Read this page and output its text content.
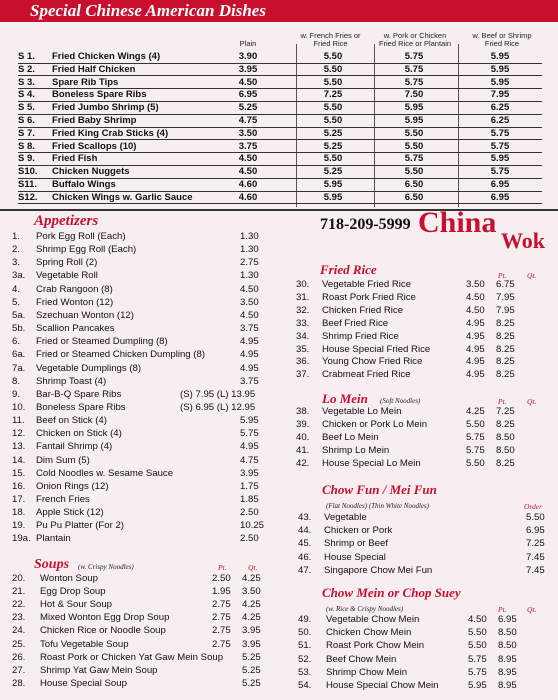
Special Chinese American Dishes
Plain
w. French Fries or Fried Rice
w. Pork or Chicken Fried Rice or Plantain
w. Beef or Shrimp Fried Rice
S 1. Fried Chicken Wings (4)	3.90	5.50	5.75	5.95
S 2. Fried Half Chicken	3.95	5.50	5.75	5.95
S 3. Spare Rib Tips	4.50	5.50	5.75	5.95
S 4. Boneless Spare Ribs	6.95	7.25	7.50	7.95
S 5. Fried Jumbo Shrimp (5)	5.25	5.50	5.95	6.25
S 6. Fried Baby Shrimp	4.75	5.50	5.95	6.25
S 7. Fried King Crab Sticks (4)	3.50	5.25	5.50	5.75
S 8. Fried Scallops (10)	3.75	5.25	5.50	5.75
S 9. Fried Fish	4.50	5.50	5.75	5.95
S10. Chicken Nuggets	4.50	5.25	5.50	5.75
S11. Buffalo Wings	4.60	5.95	6.50	6.95
S12. Chicken Wings w. Garlic Sauce	4.60	5.95	6.50	6.95
Appetizers
1. Pork Egg Roll (Each)	1.30
2. Shrimp Egg Roll (Each)	1.30
3. Spring Roll (2)	2.75
3a. Vegetable Roll	1.30
4. Crab Rangoon (8)	4.50
5. Fried Wonton (12)	3.50
5a. Szechuan Wonton (12)	4.50
5b. Scallion Pancakes	3.75
6. Fried or Steamed Dumpling (8)	4.95
6a. Fried or Steamed Chicken Dumpling (8)	4.95
7a. Vegetable Dumplings (8)	4.95
8. Shrimp Toast (4)	3.75
9. Bar-B-Q Spare Ribs	(S) 7.95 (L) 13.95
10. Boneless Spare Ribs	(S) 6.95 (L) 12.95
11. Beef on Stick (4)	5.95
12. Chicken on Stick (4)	5.75
13. Fantail Shrimp (4)	4.95
14. Dim Sum (5)	4.75
15. Cold Noodles w. Sesame Sauce	3.95
16. Onion Rings (12)	1.75
17. French Fries	1.85
18. Apple Stick (12)	2.50
19. Pu Pu Platter (For 2)	10.25
19a. Plantain	2.50
Soups (w. Crispy Noodles)	Pt.	Qt.
20. Wonton Soup	2.50 4.25
21. Egg Drop Soup	1.95 3.50
22. Hot & Sour Soup	2.75 4.25
23. Mixed Wonton Egg Drop Soup	2.75 4.25
24. Chicken Rice or Noodle Soup	2.75 3.95
25. Tofu Vegetable Soup	2.75 3.95
26. Roast Pork or Chicken Yat Gaw Mein Soup 5.25
27. Shrimp Yat Gaw Mein Soup	5.25
28. House Special Soup	5.25
718-209-5999 China
Wok
Fried Rice	Pt.	Qt.
30. Vegetable Fried Rice	3.50 6.75
31. Roast Pork Fried Rice	4.50 7.95
32. Chicken Fried Rice	4.50 7.95
33. Beef Fried Rice	4.95 8.25
34. Shrimp Fried Rice	4.95 8.25
35. House Special Fried Rice	4.95 8.25
36. Young Chow Fried Rice	4.95 8.25
37. Crabmeat Fried Rice	4.95 8.25
Lo Mein (Soft Noodles)	Pt.	Qt.
38. Vegetable Lo Mein	4.25 7.25
39. Chicken or Pork Lo Mein	5.50 8.25
40. Beef Lo Mein	5.75 8.50
41. Shrimp Lo Mein	5.75 8.50
42. House Special Lo Mein	5.50 8.25
Chow Fun / Mei Fun
(Flat Noodles) (Thin White Noodles)	Order
43. Vegetable	5.50
44. Chicken or Pork	6.95
45. Shrimp or Beef	7.25
46. House Special	7.45
47. Singapore Chow Mei Fun	7.45
Chow Mein or Chop Suey
(w. Rice & Crispy Noodles)	Pt.	Qt.
49. Vegetable Chow Mein	4.50 6.95
50. Chicken Chow Mein	5.50 8.50
51. Roast Pork Chow Mein	5.50 8.50
52. Beef Chow Mein	5.75 8.95
53. Shrimp Chow Mein	5.75 8.95
54. House Special Chow Mein	5.95 8.95
